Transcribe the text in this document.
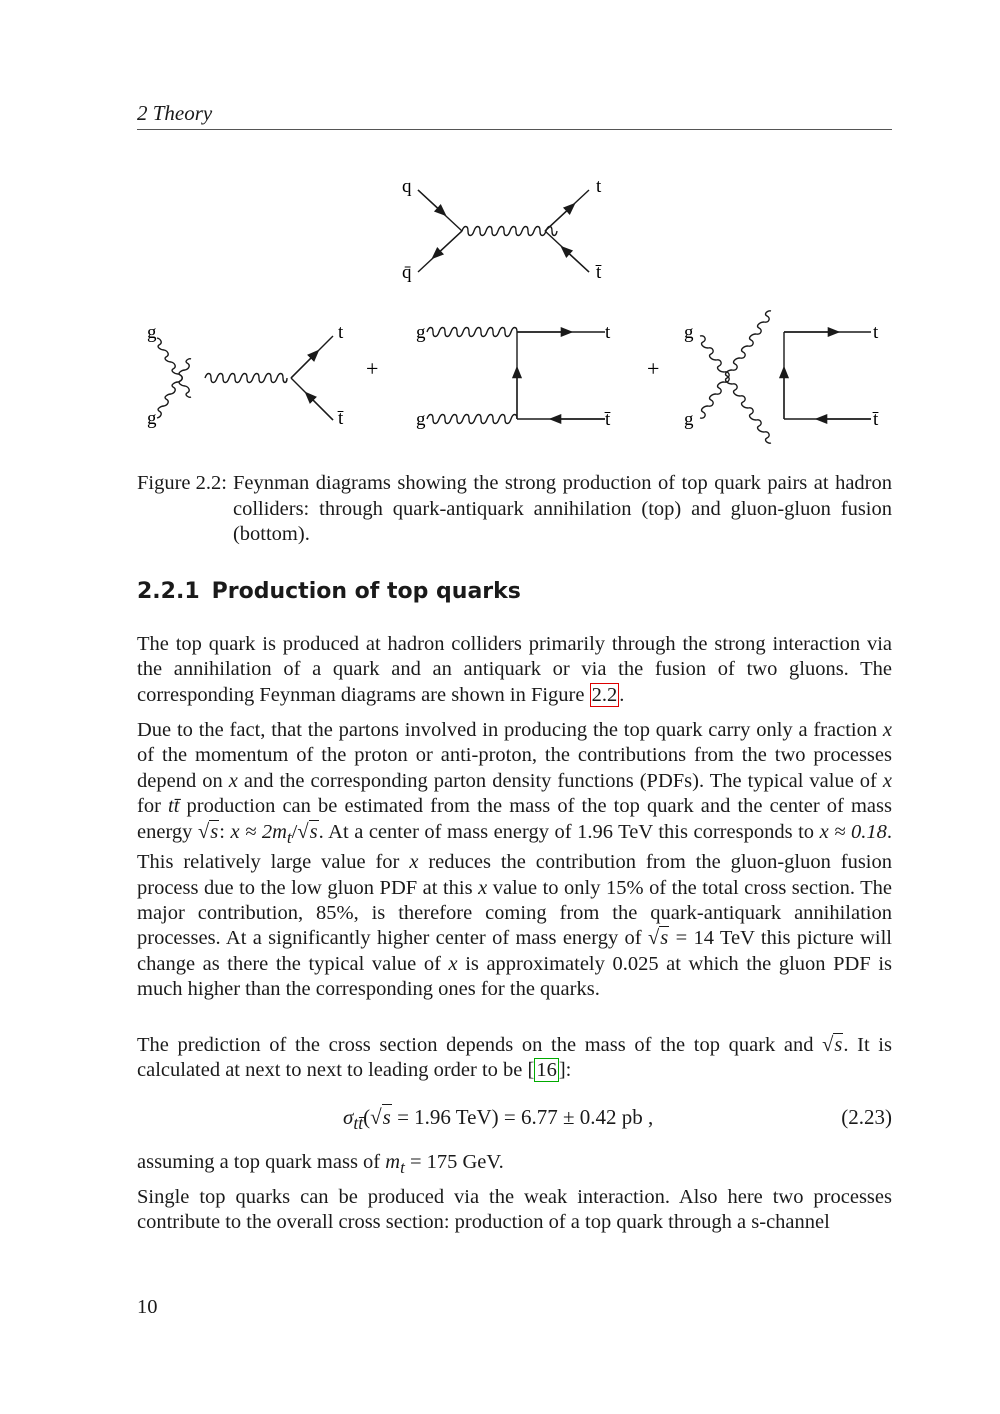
2 Theory
q
q̄
t
t̄
g
g
t
t̄
+
g
g
t
t̄
+
g
g
t
t̄
Figure 2.2: Feynman diagrams showing the strong production of top quark pairs at hadron colliders: through quark-antiquark annihilation (top) and gluon-gluon fusion (bottom).
2.2.1 Production of top quarks

The top quark is produced at hadron colliders primarily through the strong interaction via the annihilation of a quark and an antiquark or via the fusion of two gluons. The corresponding Feynman diagrams are shown in Figure 2.2.

Due to the fact, that the partons involved in producing the top quark carry only a fraction x of the momentum of the proton or anti-proton, the contributions from the two processes depend on x and the corresponding parton density functions (PDFs). The typical value of x for tt̄ production can be estimated from the mass of the top quark and the center of mass energy √s: $x \approx 2m_t/√s$. At a center of mass energy of 1.96 TeV this corresponds to x ≈ 0.18. This relatively large value for x reduces the contribution from the gluon-gluon fusion process due to the low gluon PDF at this x value to only 15% of the total cross section. The major contribution, 85%, is therefore coming from the quark-antiquark annihilation processes. At a significantly higher center of mass energy of √s = 14 TeV this picture will change as there the typical value of x is approximately 0.025 at which the gluon PDF is much higher than the corresponding ones for the quarks.

The prediction of the cross section depends on the mass of the top quark and √s. It is calculated at next to next to leading order to be [16]:

$\sigma_{tt̄}(√s = 1.96$ TeV) = 6.77 ± 0.42 pb ,	(2.23)

assuming a top quark mass of $m_t = 175$ GeV.

Single top quarks can be produced via the weak interaction. Also here two processes contribute to the overall cross section: production of a top quark through a s-channel

10
